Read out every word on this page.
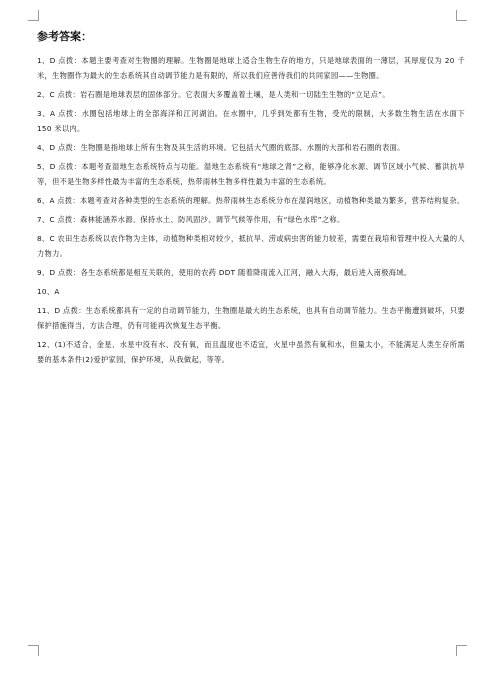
参考答案：

1、D 点拨：本题主要考查对生物圈的理解。生物圈是地球上适合生物生存的地方，只是地球表面的一薄层，其厚度仅为 20 千米，生物圈作为最大的生态系统其自动调节能力是有限的，所以我们应善待我们的共同家园——生物圈。

2、C 点拨：岩石圈是地球表层的固体部分。它表面大多覆盖着土壤，是人类和一切陆生生物的“立足点”。

3、A 点拨：水圈包括地球上的全部海洋和江河湖泊。在水圈中，几乎到处都有生物，受光的限制，大多数生物生活在水面下 150 米以内。

4、D 点拨：生物圈是指地球上所有生物及其生活的环境。它包括大气圈的底部、水圈的大部和岩石圈的表面。

5、D 点拨：本题考查湿地生态系统特点与功能。湿地生态系统有“地球之肾”之称，能够净化水源、调节区域小气候、蓄洪抗旱等，但不是生物多样性最为丰富的生态系统，热带雨林生物多样性最为丰富的生态系统。

6、A 点拨：本题考查对各种类型的生态系统的理解。热带雨林生态系统分布在湿润地区，动植物种类最为繁多，营养结构复杂。

7、C 点拨：森林能涵养水源、保持水土、防风固沙、调节气候等作用，有“绿色水库”之称。

8、C 农田生态系统以农作物为主体，动植物种类相对较少，抵抗旱、涝或病虫害的能力较差，需要在栽培和管理中投入大量的人力物力。

9、D 点拨：各生态系统都是相互关联的，使用的农药 DDT 随着降雨流入江河，融入大海，最后进入南极海域。

10、A

11、D 点拨：生态系统都具有一定的自动调节能力，生物圈是最大的生态系统，也具有自动调节能力。生态平衡遭到破坏，只要保护措施得当，方法合理，仍有可能再次恢复生态平衡。

12、(1)不适合，金星、水星中没有水、没有氧，而且温度也不适宜，火星中虽然有氧和水，但量太小，不能满足人类生存所需要的基本条件(2)爱护家园，保护环境，从我做起，等等。
